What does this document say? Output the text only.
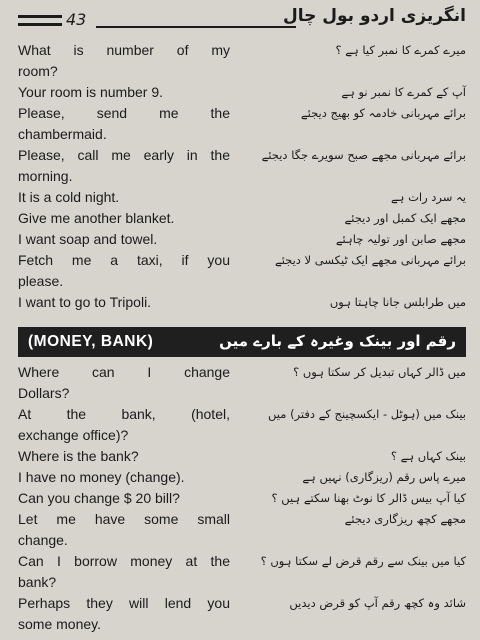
43	انگریزی اردو بول چال
What is number of my	میرے کمرے کا نمبر کیا ہے ؟
room?
Your room is number 9.	آپ کے کمرے کا نمبر نو ہے
Please, send me the	برائے مہربانی خادمہ کو بھیج دیجئے
chambermaid.
Please, call me early in the	برائے مہربانی مجھے صبح سویرے جگا دیجئے
morning.
It is a cold night.	یہ سرد رات ہے
Give me another blanket.	مجھے ایک کمبل اور دیجئے
I want soap and towel.	مجھے صابن اور تولیہ چاہئے
Fetch me a taxi, if you	برائے مہربانی مجھے ایک ٹیکسی لا دیجئے
please.
I want to go to Tripoli.	میں طرابلس جانا چاہتا ہوں
(MONEY, BANK)	رقم اور بینک وغیرہ کے بارے میں
Where can I change	میں ڈالر کہاں تبدیل کر سکتا ہوں ؟
Dollars?
At the bank, (hotel,	بینک میں (ہوٹل - ایکسچینج کے دفتر) میں
exchange office)?
Where is the bank?	بینک کہاں ہے ؟
I have no money (change).	میرے پاس رقم (ریزگاری) نہیں ہے
Can you change $ 20 bill?	کیا آپ بیس ڈالر کا نوٹ بھنا سکتے ہیں ؟
Let me have some small	مجھے کچھ ریزگاری دیجئے
change.
Can I borrow money at the	کیا میں بینک سے رقم قرض لے سکتا ہوں ؟
bank?
Perhaps they will lend you	شائد وہ کچھ رقم آپ کو قرض دیدیں
some money.
